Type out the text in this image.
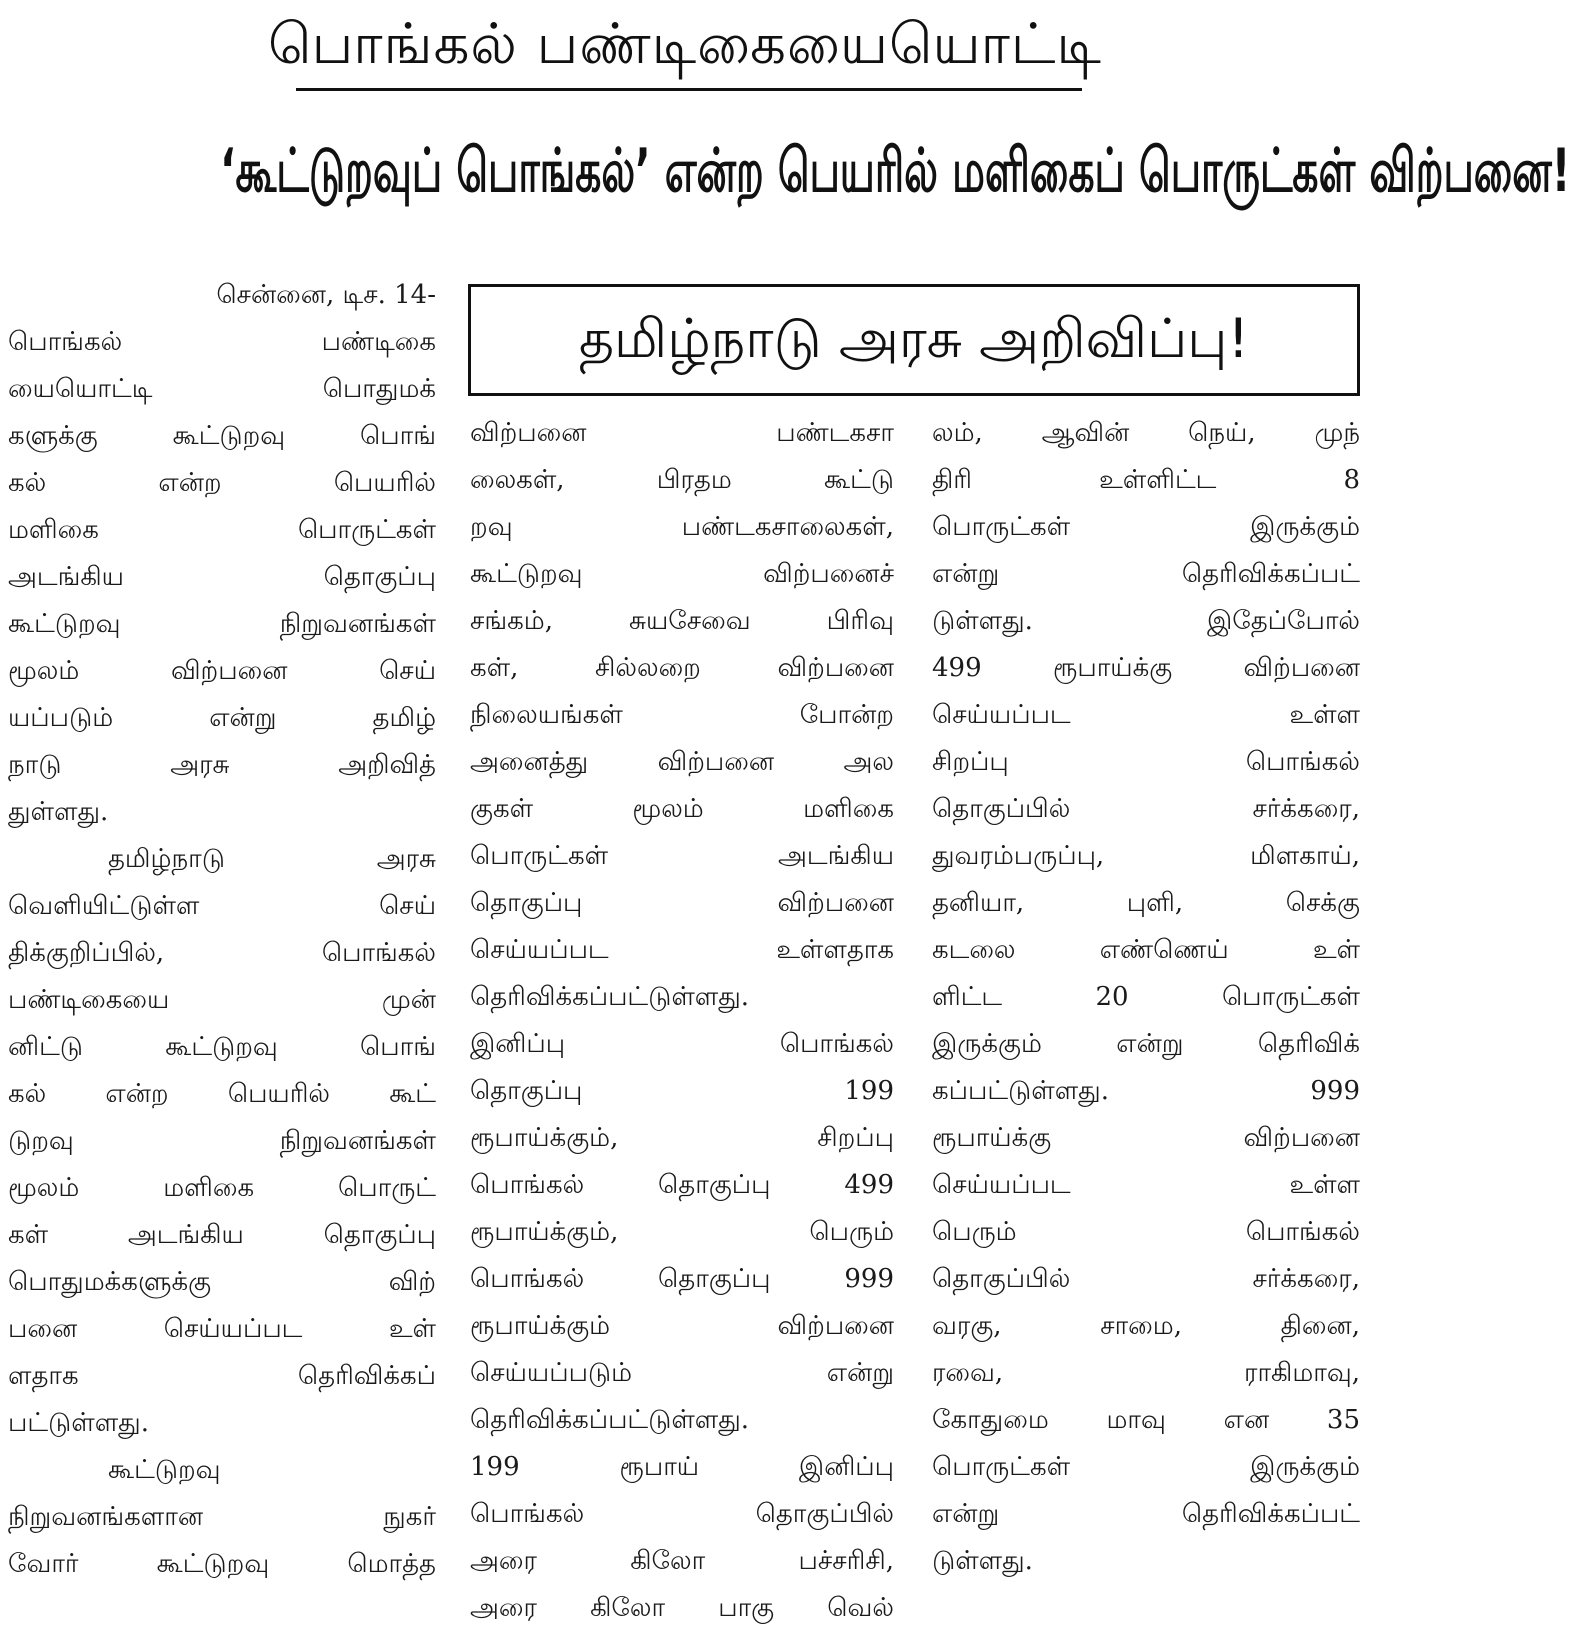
பொங்கல் பண்டிகையையொட்டி
‘கூட்டுறவுப் பொங்கல்’ என்ற பெயரில் மளிகைப் பொருட்கள் விற்பனை!
தமிழ்நாடு அரசு அறிவிப்பு!
சென்னை, டிச. 14-
பொங்கல் பண்டிகை
யையொட்டி பொதுமக்
களுக்கு கூட்டுறவு பொங்
கல் என்ற பெயரில்
மளிகை பொருட்கள்
அடங்கிய தொகுப்பு
கூட்டுறவு நிறுவனங்கள்
மூலம் விற்பனை செய்
யப்படும் என்று தமிழ்
நாடு அரசு அறிவித்
துள்ளது.
தமிழ்நாடு அரசு
வெளியிட்டுள்ள செய்
திக்குறிப்பில், பொங்கல்
பண்டிகையை முன்
னிட்டு கூட்டுறவு பொங்
கல் என்ற பெயரில் கூட்
டுறவு நிறுவனங்கள்
மூலம் மளிகை பொருட்
கள் அடங்கிய தொகுப்பு
பொதுமக்களுக்கு விற்
பனை செய்யப்பட உள்
ளதாக தெரிவிக்கப்
பட்டுள்ளது.
கூட்டுறவு
நிறுவனங்களான நுகர்
வோர் கூட்டுறவு மொத்த
விற்பனை பண்டகசா
லைகள், பிரதம கூட்டு
றவு பண்டகசாலைகள்,
கூட்டுறவு விற்பனைச்
சங்கம், சுயசேவை பிரிவு
கள், சில்லறை விற்பனை
நிலையங்கள் போன்ற
அனைத்து விற்பனை அல
குகள் மூலம் மளிகை
பொருட்கள் அடங்கிய
தொகுப்பு விற்பனை
செய்யப்பட உள்ளதாக
தெரிவிக்கப்பட்டுள்ளது.
இனிப்பு பொங்கல்
தொகுப்பு 199
ரூபாய்க்கும், சிறப்பு
பொங்கல் தொகுப்பு 499
ரூபாய்க்கும், பெரும்
பொங்கல் தொகுப்பு 999
ரூபாய்க்கும் விற்பனை
செய்யப்படும் என்று
தெரிவிக்கப்பட்டுள்ளது.
199 ரூபாய் இனிப்பு
பொங்கல் தொகுப்பில்
அரை கிலோ பச்சரிசி,
அரை கிலோ பாகு வெல்
லம், ஆவின் நெய், முந்
திரி உள்ளிட்ட 8
பொருட்கள் இருக்கும்
என்று தெரிவிக்கப்பட்
டுள்ளது. இதேப்போல்
499 ரூபாய்க்கு விற்பனை
செய்யப்பட உள்ள
சிறப்பு பொங்கல்
தொகுப்பில் சர்க்கரை,
துவரம்பருப்பு, மிளகாய்,
தனியா, புளி, செக்கு
கடலை எண்ணெய் உள்
ளிட்ட 20 பொருட்கள்
இருக்கும் என்று தெரிவிக்
கப்பட்டுள்ளது. 999
ரூபாய்க்கு விற்பனை
செய்யப்பட உள்ள
பெரும் பொங்கல்
தொகுப்பில் சர்க்கரை,
வரகு, சாமை, தினை,
ரவை, ராகிமாவு,
கோதுமை மாவு என 35
பொருட்கள் இருக்கும்
என்று தெரிவிக்கப்பட்
டுள்ளது.
